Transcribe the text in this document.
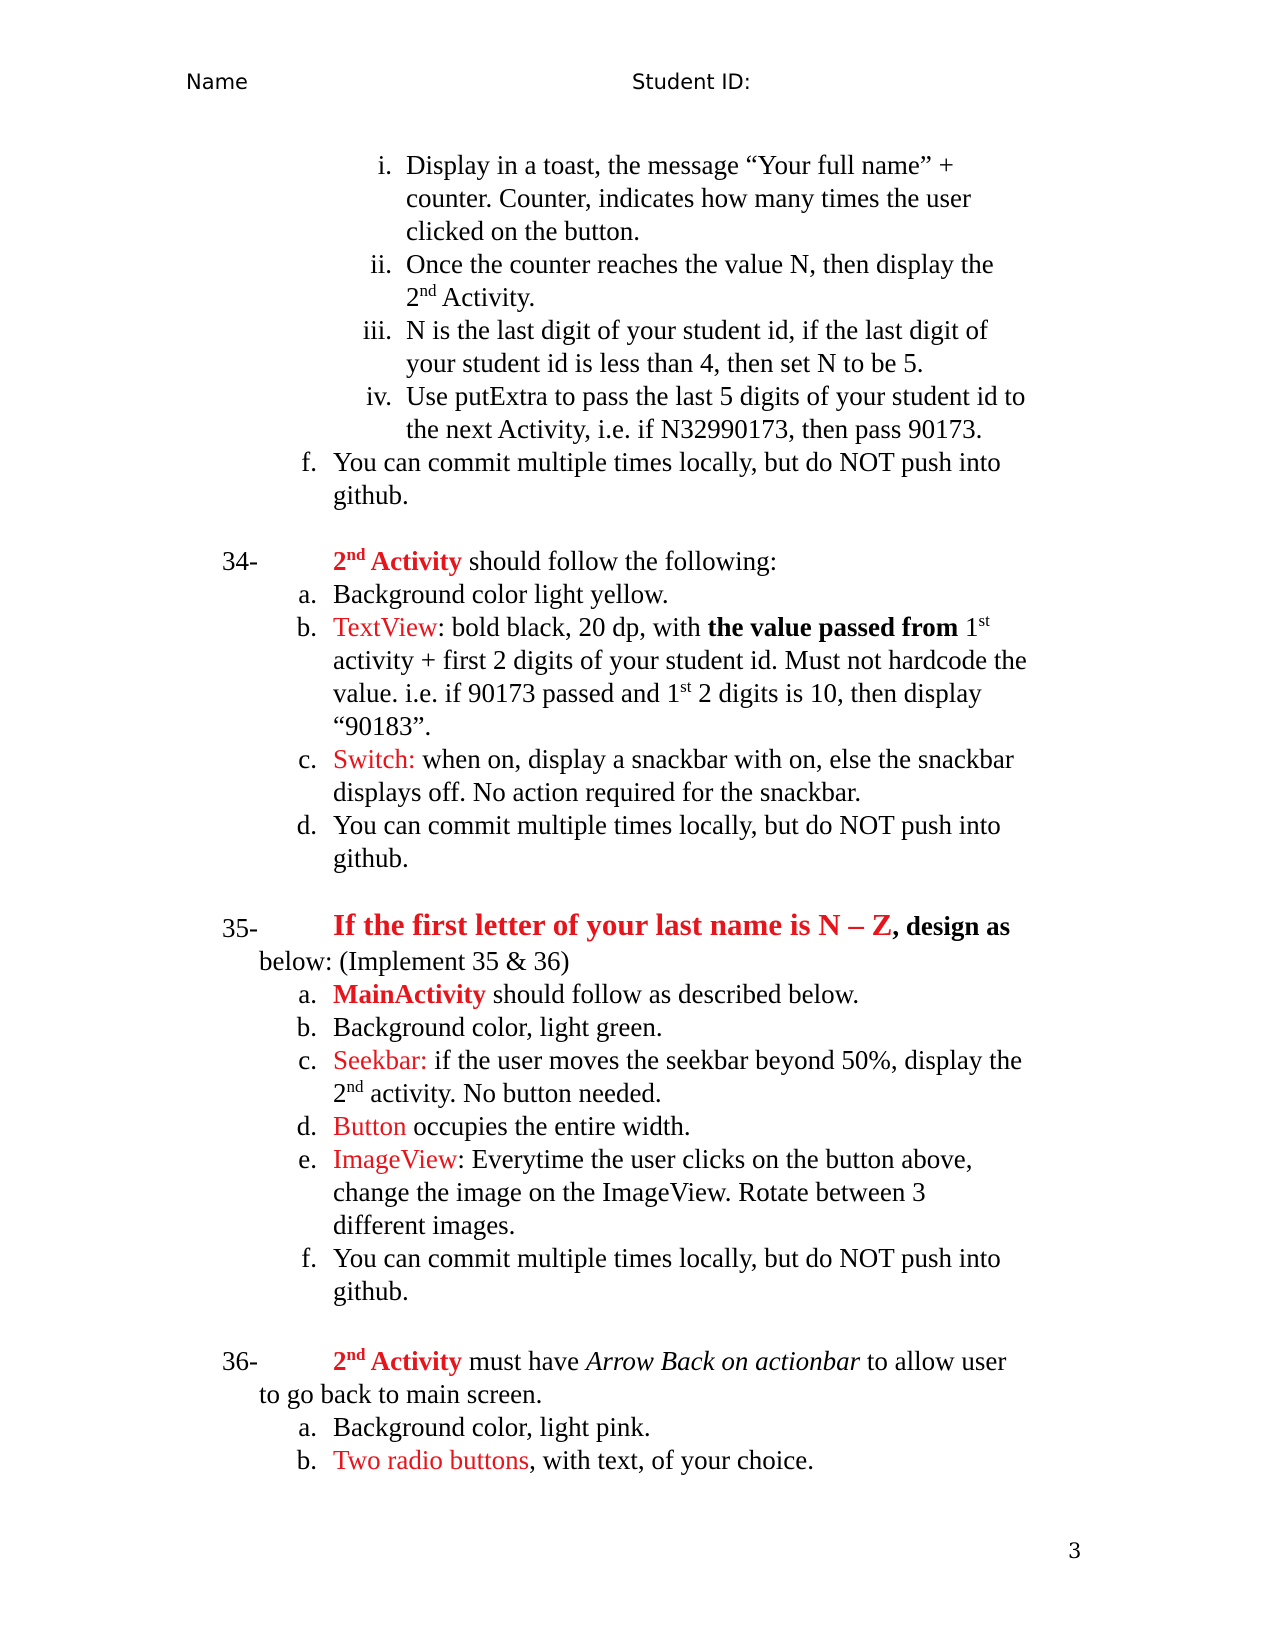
Name	Student ID:
i. Display in a toast, the message “Your full name” +
counter. Counter, indicates how many times the user
clicked on the button.
ii. Once the counter reaches the value N, then display the
2nd Activity.
iii. N is the last digit of your student id, if the last digit of
your student id is less than 4, then set N to be 5.
iv. Use putExtra to pass the last 5 digits of your student id to
the next Activity, i.e. if N32990173, then pass 90173.
f. You can commit multiple times locally, but do NOT push into
github.
34-	2nd Activity should follow the following:
a. Background color light yellow.
b. TextView: bold black, 20 dp, with the value passed from 1st
activity + first 2 digits of your student id. Must not hardcode the
value. i.e. if 90173 passed and 1st 2 digits is 10, then display
“90183”.
c. Switch: when on, display a snackbar with on, else the snackbar
displays off. No action required for the snackbar.
d. You can commit multiple times locally, but do NOT push into
github.
35- If the first letter of your last name is N – Z, design as
below: (Implement 35 & 36)
a. MainActivity should follow as described below.
b. Background color, light green.
c. Seekbar: if the user moves the seekbar beyond 50%, display the
2nd activity. No button needed.
d. Button occupies the entire width.
e. ImageView: Everytime the user clicks on the button above,
change the image on the ImageView. Rotate between 3
different images.
f. You can commit multiple times locally, but do NOT push into
github.
36-	2nd Activity must have Arrow Back on actionbar to allow user
to go back to main screen.
a. Background color, light pink.
b. Two radio buttons, with text, of your choice.
3
